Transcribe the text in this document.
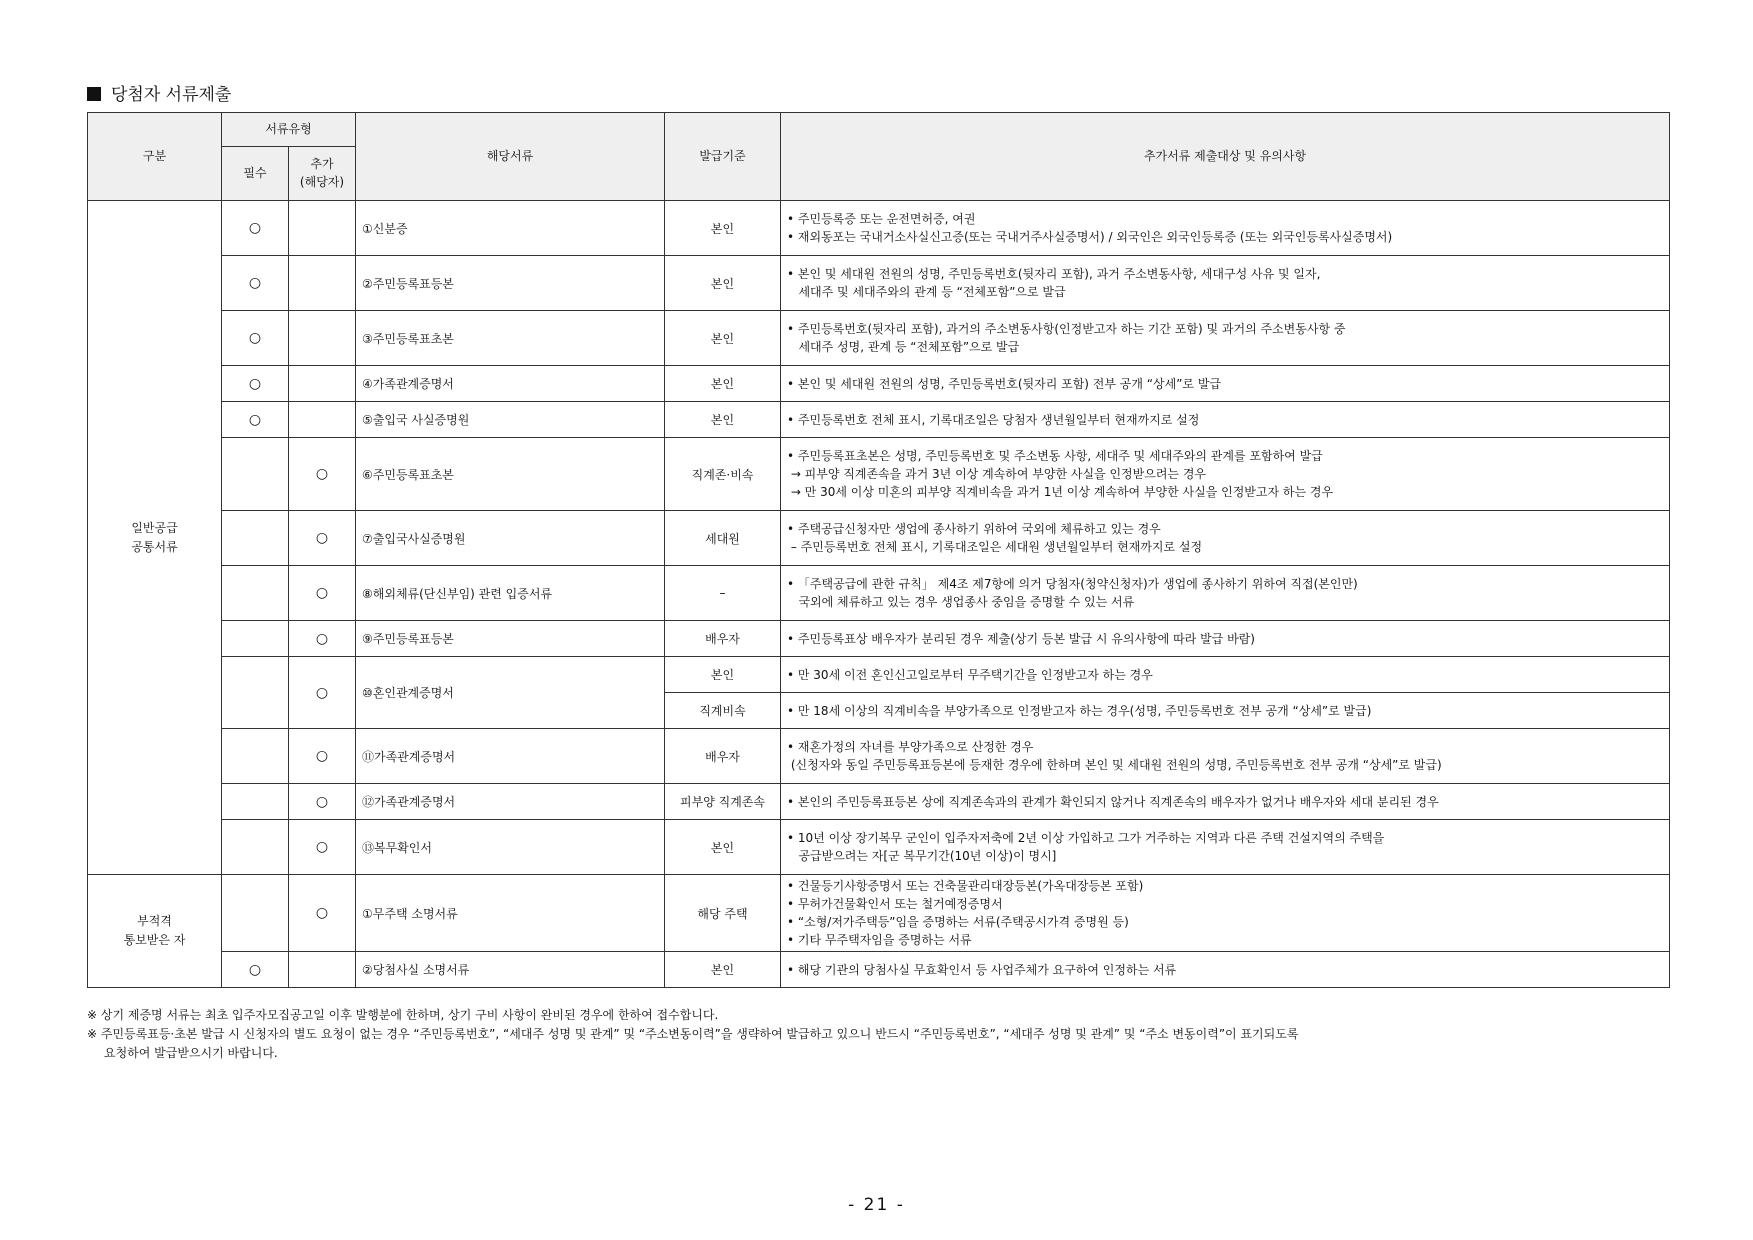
당첨자 서류제출
구분	서류유형		해당서류	발급기준	추가서류 제출대상 및 유의사항
	필수	추가
(해당자)			
일반공급
공통서류	○		①신분증	본인	• 주민등록증 또는 운전면허증, 여권
• 재외동포는 국내거소사실신고증(또는 국내거주사실증명서) / 외국인은 외국인등록증 (또는 외국인등록사실증명서)
	○		②주민등록표등본	본인	• 본인 및 세대원 전원의 성명, 주민등록번호(뒷자리 포함), 과거 주소변동사항, 세대구성 사유 및 일자,
세대주 및 세대주와의 관계 등 “전체포함”으로 발급
	○		③주민등록표초본	본인	• 주민등록번호(뒷자리 포함), 과거의 주소변동사항(인정받고자 하는 기간 포함) 및 과거의 주소변동사항 중
세대주 성명, 관계 등 “전체포함”으로 발급
	○		④가족관계증명서	본인	• 본인 및 세대원 전원의 성명, 주민등록번호(뒷자리 포함) 전부 공개 “상세”로 발급
	○		⑤출입국 사실증명원	본인	• 주민등록번호 전체 표시, 기록대조일은 당첨자 생년월일부터 현재까지로 설정
		○	⑥주민등록표초본	직계존·비속	• 주민등록표초본은 성명, 주민등록번호 및 주소변동 사항, 세대주 및 세대주와의 관계를 포함하여 발급
→ 피부양 직계존속을 과거 3년 이상 계속하여 부양한 사실을 인정받으려는 경우
→ 만 30세 이상 미혼의 피부양 직계비속을 과거 1년 이상 계속하여 부양한 사실을 인정받고자 하는 경우
		○	⑦출입국사실증명원	세대원	• 주택공급신청자만 생업에 종사하기 위하여 국외에 체류하고 있는 경우
– 주민등록번호 전체 표시, 기록대조일은 세대원 생년월일부터 현재까지로 설정
		○	⑧해외체류(단신부임) 관련 입증서류	–	• 「주택공급에 관한 규칙」 제4조 제7항에 의거 당첨자(청약신청자)가 생업에 종사하기 위하여 직접(본인만)
국외에 체류하고 있는 경우 생업종사 중임을 증명할 수 있는 서류
		○	⑨주민등록표등본	배우자	• 주민등록표상 배우자가 분리된 경우 제출(상기 등본 발급 시 유의사항에 따라 발급 바람)
		○	⑩혼인관계증명서	본인	• 만 30세 이전 혼인신고일로부터 무주택기간을 인정받고자 하는 경우
				직계비속	• 만 18세 이상의 직계비속을 부양가족으로 인정받고자 하는 경우(성명, 주민등록번호 전부 공개 “상세”로 발급)
		○	⑪가족관계증명서	배우자	• 재혼가정의 자녀를 부양가족으로 산정한 경우
(신청자와 동일 주민등록표등본에 등재한 경우에 한하며 본인 및 세대원 전원의 성명, 주민등록번호 전부 공개 “상세”로 발급)
		○	⑫가족관계증명서	피부양 직계존속	• 본인의 주민등록표등본 상에 직계존속과의 관계가 확인되지 않거나 직계존속의 배우자가 없거나 배우자와 세대 분리된 경우
		○	⑬복무확인서	본인	• 10년 이상 장기복무 군인이 입주자저축에 2년 이상 가입하고 그가 거주하는 지역과 다른 주택 건설지역의 주택을
공급받으려는 자[군 복무기간(10년 이상)이 명시]
부적격
통보받은 자		○	①무주택 소명서류	해당 주택	• 건물등기사항증명서 또는 건축물관리대장등본(가옥대장등본 포함)
• 무허가건물확인서 또는 철거예정증명서
• “소형/저가주택등”임을 증명하는 서류(주택공시가격 증명원 등)
• 기타 무주택자임을 증명하는 서류
	○		②당첨사실 소명서류	본인	• 해당 기관의 당첨사실 무효확인서 등 사업주체가 요구하여 인정하는 서류
※ 상기 제증명 서류는 최초 입주자모집공고일 이후 발행분에 한하며, 상기 구비 사항이 완비된 경우에 한하여 접수합니다.
※ 주민등록표등·초본 발급 시 신청자의 별도 요청이 없는 경우 “주민등록번호”, “세대주 성명 및 관계” 및 “주소변동이력”을 생략하여 발급하고 있으니 반드시 “주민등록번호”, “세대주 성명 및 관계” 및 “주소 변동이력”이 표기되도록
요청하여 발급받으시기 바랍니다.
- 21 -
